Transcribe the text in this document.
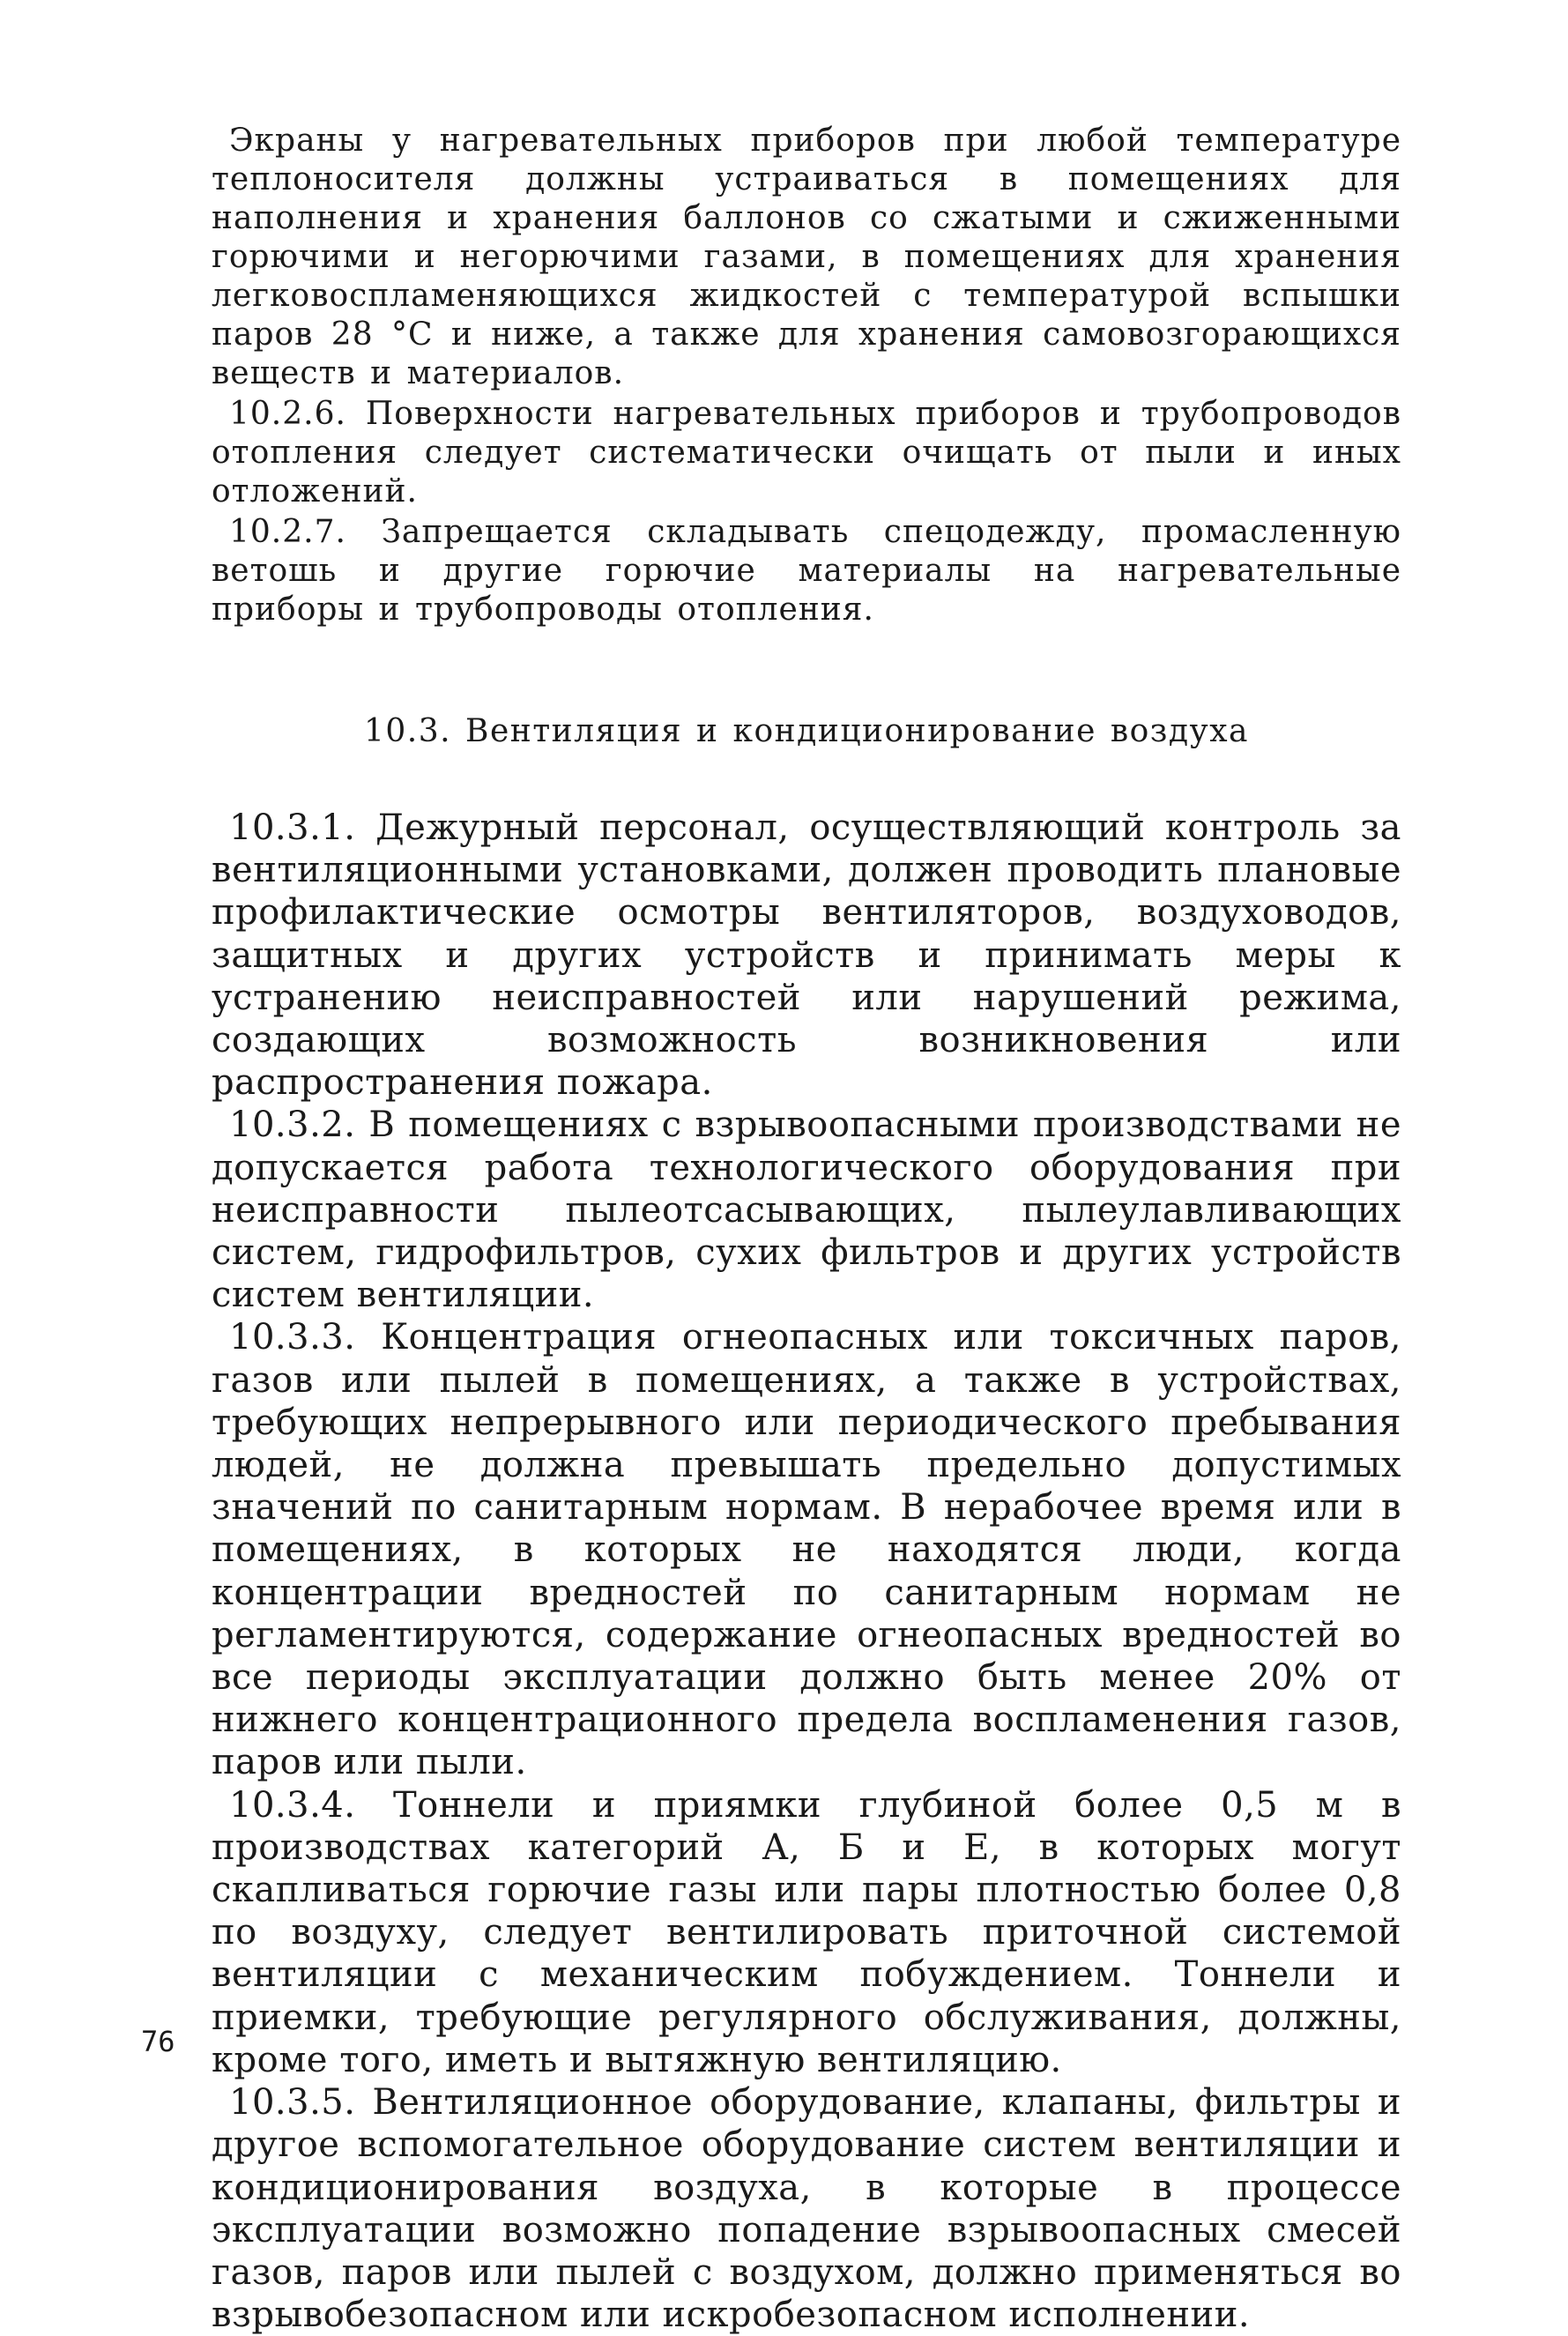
Экраны у нагревательных приборов при любой температуре теплоносителя должны устраиваться в помещениях для наполнения и хранения баллонов со сжатыми и сжиженными горючими и негорючими газами, в помещениях для хранения легковоспламеняющихся жидкостей с температурой вспышки паров 28 °С и ниже, а также для хранения самовозгорающихся веществ и материалов.

10.2.6. Поверхности нагревательных приборов и трубопроводов отопления следует систематически очищать от пыли и иных отложений.

10.2.7. Запрещается складывать спецодежду, промасленную ветошь и другие горючие материалы на нагревательные приборы и трубопроводы отопления.

10.3. Вентиляция и кондиционирование воздуха

10.3.1. Дежурный персонал, осуществляющий контроль за вентиляционными установками, должен проводить плановые профилактические осмотры вентиляторов, воздуховодов, защитных и других устройств и принимать меры к устранению неисправностей или нарушений режима, создающих возможность возникновения или распространения пожара.

10.3.2. В помещениях с взрывоопасными производствами не допускается работа технологического оборудования при неисправности пылеотсасывающих, пылеулавливающих систем, гидрофильтров, сухих фильтров и других устройств систем вентиляции.

10.3.3. Концентрация огнеопасных или токсичных паров, газов или пылей в помещениях, а также в устройствах, требующих непрерывного или периодического пребывания людей, не должна превышать предельно допустимых значений по санитарным нормам. В нерабочее время или в помещениях, в которых не находятся люди, когда концентрации вредностей по санитарным нормам не регламентируются, содержание огнеопасных вредностей во все периоды эксплуатации должно быть менее 20% от нижнего концентрационного предела воспламенения газов, паров или пыли.

10.3.4. Тоннели и приямки глубиной более 0,5 м в производствах категорий А, Б и Е, в которых могут скапливаться горючие газы или пары плотностью более 0,8 по воздуху, следует вентилировать приточной системой вентиляции с механическим побуждением. Тоннели и приемки, требующие регулярного обслуживания, должны, кроме того, иметь и вытяжную вентиляцию.

10.3.5. Вентиляционное оборудование, клапаны, фильтры и другое вспомогательное оборудование систем вентиляции и кондиционирования воздуха, в которые в процессе эксплуатации возможно попадение взрывоопасных смесей газов, паров или пылей с воздухом, должно применяться во взрывобезопасном или искробезопасном исполнении.

76
